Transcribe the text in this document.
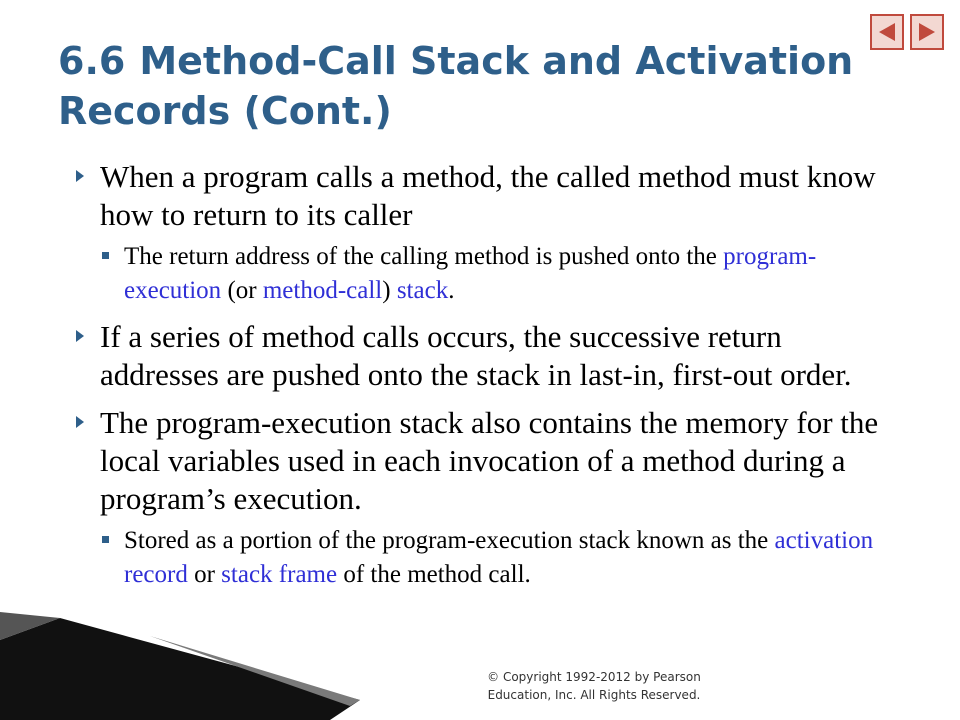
6.6 Method-Call Stack and Activation Records (Cont.)

When a program calls a method, the called method must know how to return to its caller

The return address of the calling method is pushed onto the program-execution (or method-call) stack.

If a series of method calls occurs, the successive return addresses are pushed onto the stack in last-in, first-out order.

The program-execution stack also contains the memory for the local variables used in each invocation of a method during a program’s execution.

Stored as a portion of the program-execution stack known as the activation record or stack frame of the method call.

© Copyright 1992-2012 by Pearson
Education, Inc. All Rights Reserved.
